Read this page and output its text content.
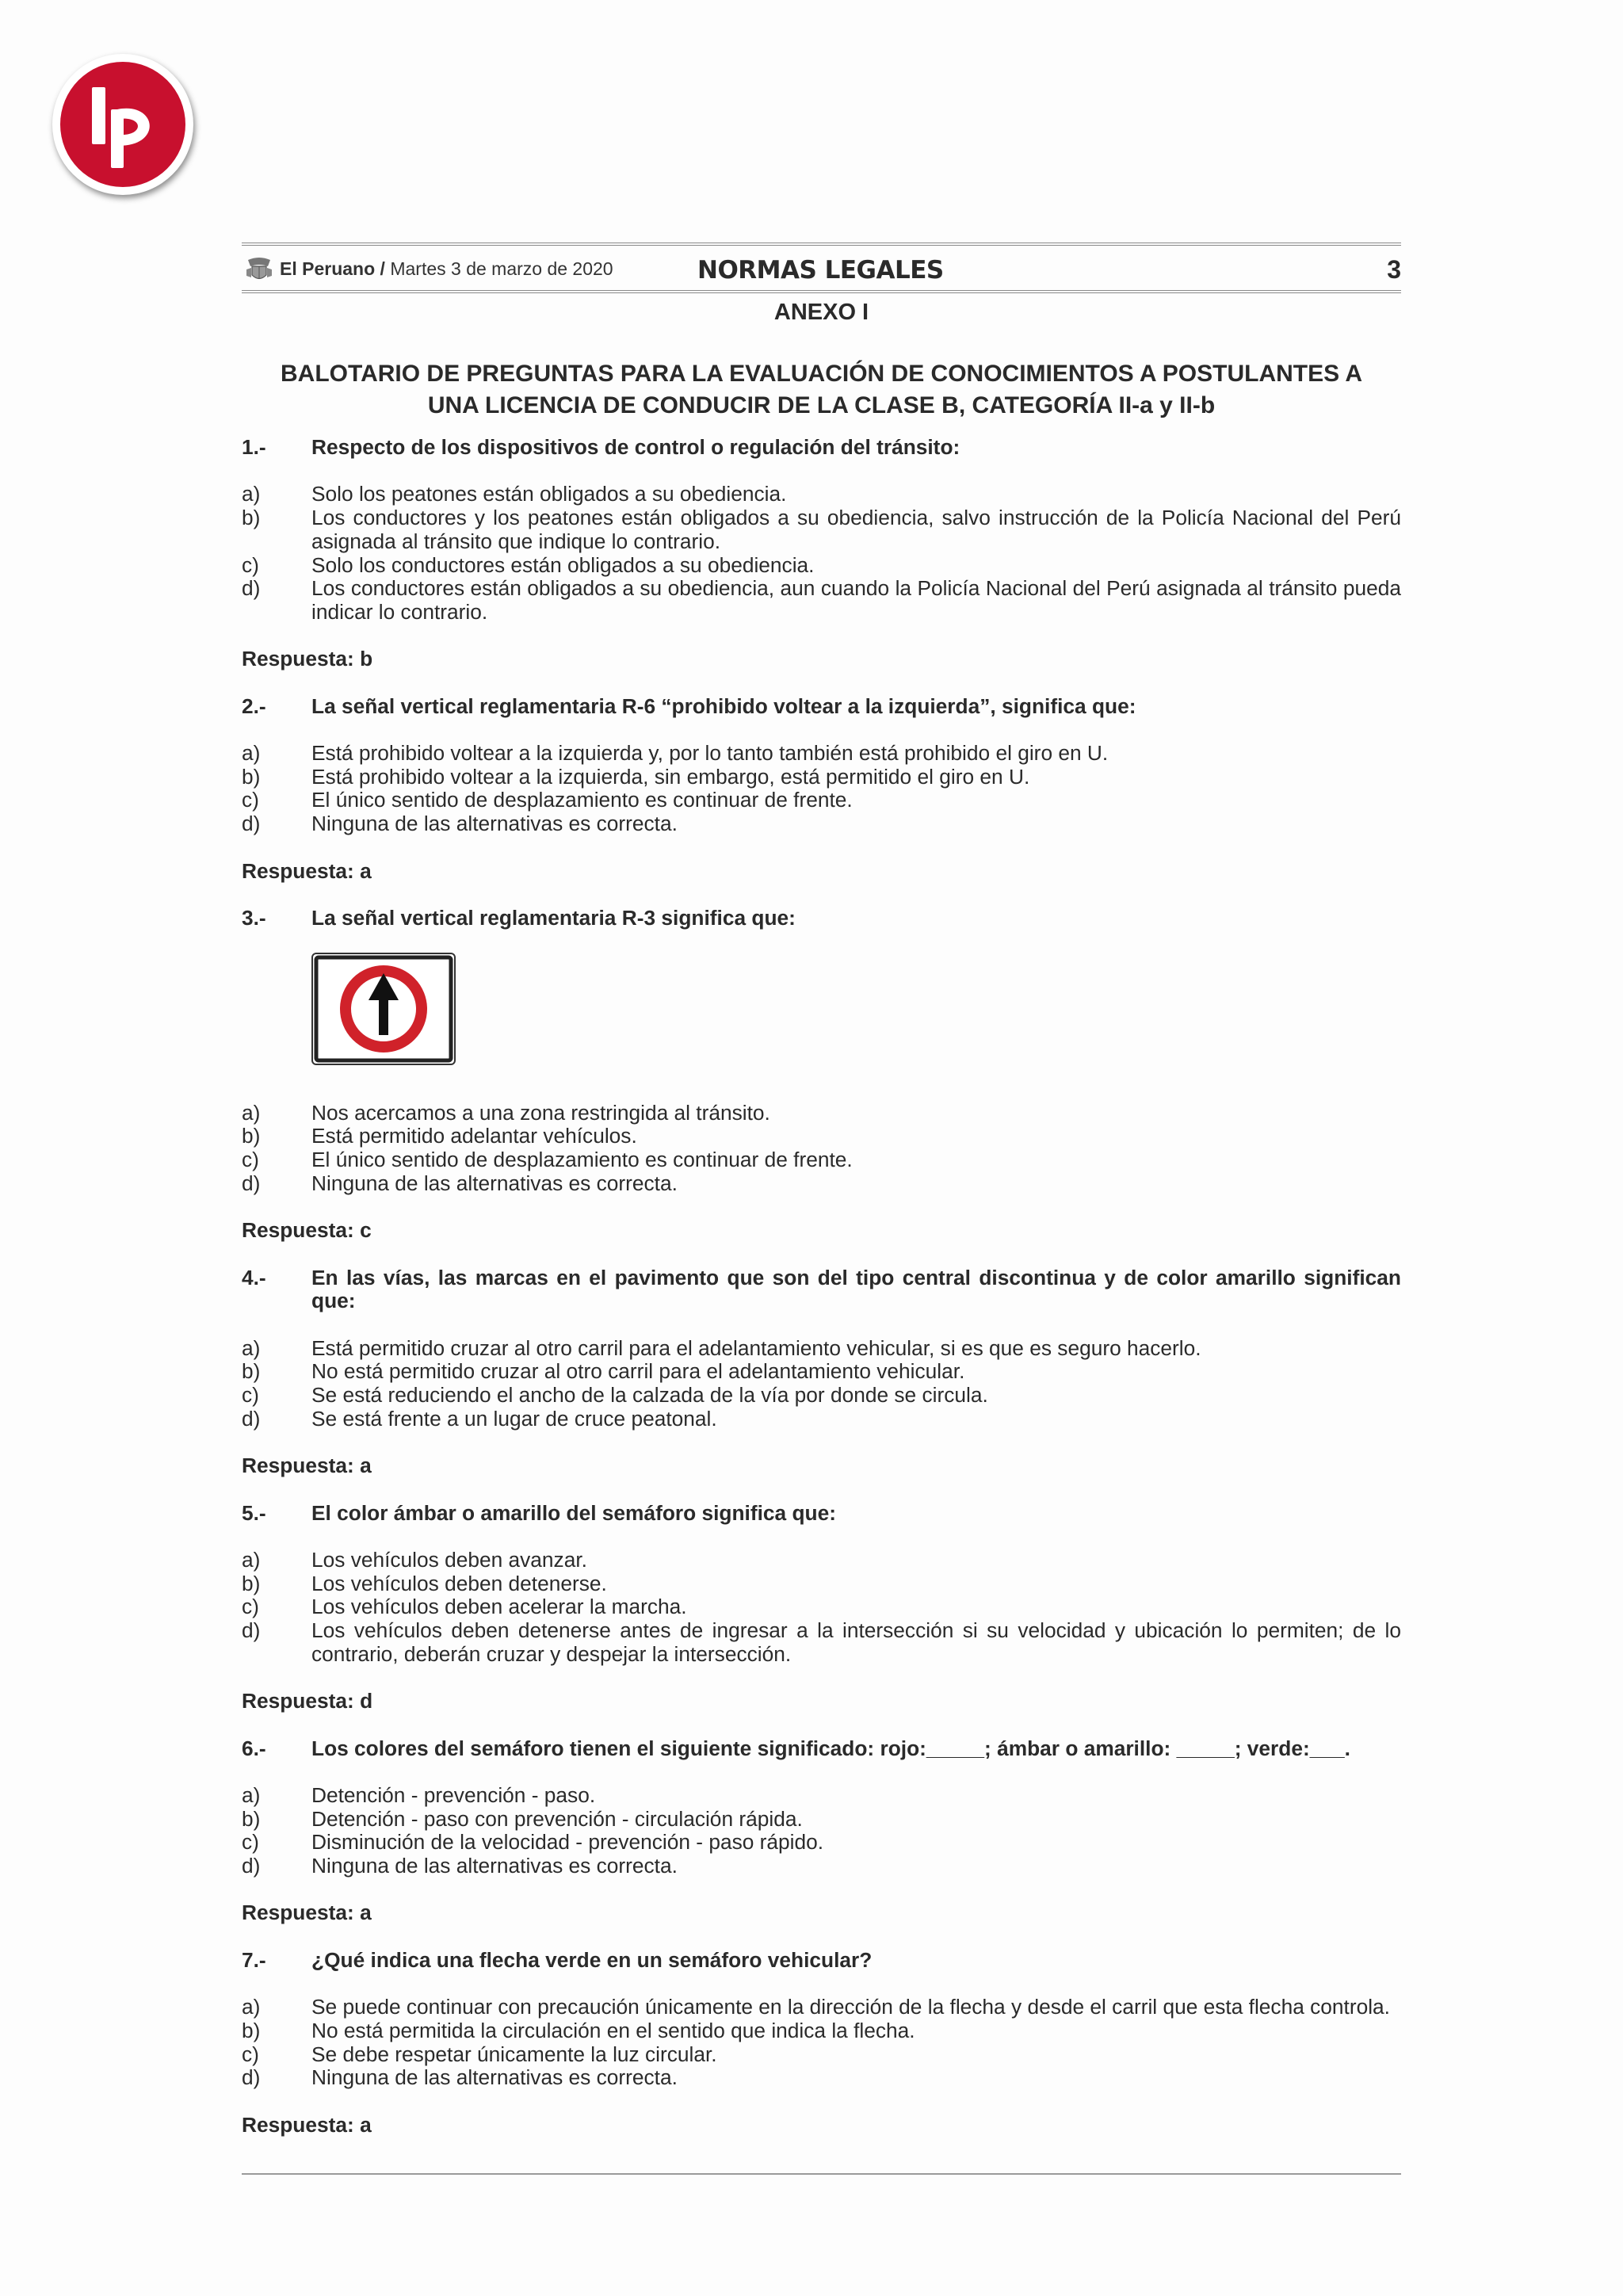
El Peruano / Martes 3 de marzo de 2020	NORMAS LEGALES	3
ANEXO I
BALOTARIO DE PREGUNTAS PARA LA EVALUACIÓN DE CONOCIMIENTOS A POSTULANTES A
UNA LICENCIA DE CONDUCIR DE LA CLASE B, CATEGORÍA II-a y II-b
1.-	Respecto de los dispositivos de control o regulación del tránsito:
a)	Solo los peatones están obligados a su obediencia.
b)	Los conductores y los peatones están obligados a su obediencia, salvo instrucción de la Policía Nacional del Perú asignada al tránsito que indique lo contrario.
c)	Solo los conductores están obligados a su obediencia.
d)	Los conductores están obligados a su obediencia, aun cuando la Policía Nacional del Perú asignada al tránsito pueda indicar lo contrario.
Respuesta: b
2.-	La señal vertical reglamentaria R-6 “prohibido voltear a la izquierda”, significa que:
a)	Está prohibido voltear a la izquierda y, por lo tanto también está prohibido el giro en U.
b)	Está prohibido voltear a la izquierda, sin embargo, está permitido el giro en U.
c)	El único sentido de desplazamiento es continuar de frente.
d)	Ninguna de las alternativas es correcta.
Respuesta: a
3.-	La señal vertical reglamentaria R-3 significa que:
a)	Nos acercamos a una zona restringida al tránsito.
b)	Está permitido adelantar vehículos.
c)	El único sentido de desplazamiento es continuar de frente.
d)	Ninguna de las alternativas es correcta.
Respuesta: c
4.-	En las vías, las marcas en el pavimento que son del tipo central discontinua y de color amarillo significan que:
a)	Está permitido cruzar al otro carril para el adelantamiento vehicular, si es que es seguro hacerlo.
b)	No está permitido cruzar al otro carril para el adelantamiento vehicular.
c)	Se está reduciendo el ancho de la calzada de la vía por donde se circula.
d)	Se está frente a un lugar de cruce peatonal.
Respuesta: a
5.-	El color ámbar o amarillo del semáforo significa que:
a)	Los vehículos deben avanzar.
b)	Los vehículos deben detenerse.
c)	Los vehículos deben acelerar la marcha.
d)	Los vehículos deben detenerse antes de ingresar a la intersección si su velocidad y ubicación lo permiten; de lo contrario, deberán cruzar y despejar la intersección.
Respuesta: d
6.-	Los colores del semáforo tienen el siguiente significado: rojo:_____; ámbar o amarillo: _____; verde:___.
a)	Detención - prevención - paso.
b)	Detención - paso con prevención - circulación rápida.
c)	Disminución de la velocidad - prevención - paso rápido.
d)	Ninguna de las alternativas es correcta.
Respuesta: a
7.-	¿Qué indica una flecha verde en un semáforo vehicular?
a)	Se puede continuar con precaución únicamente en la dirección de la flecha y desde el carril que esta flecha controla.
b)	No está permitida la circulación en el sentido que indica la flecha.
c)	Se debe respetar únicamente la luz circular.
d)	Ninguna de las alternativas es correcta.
Respuesta: a
